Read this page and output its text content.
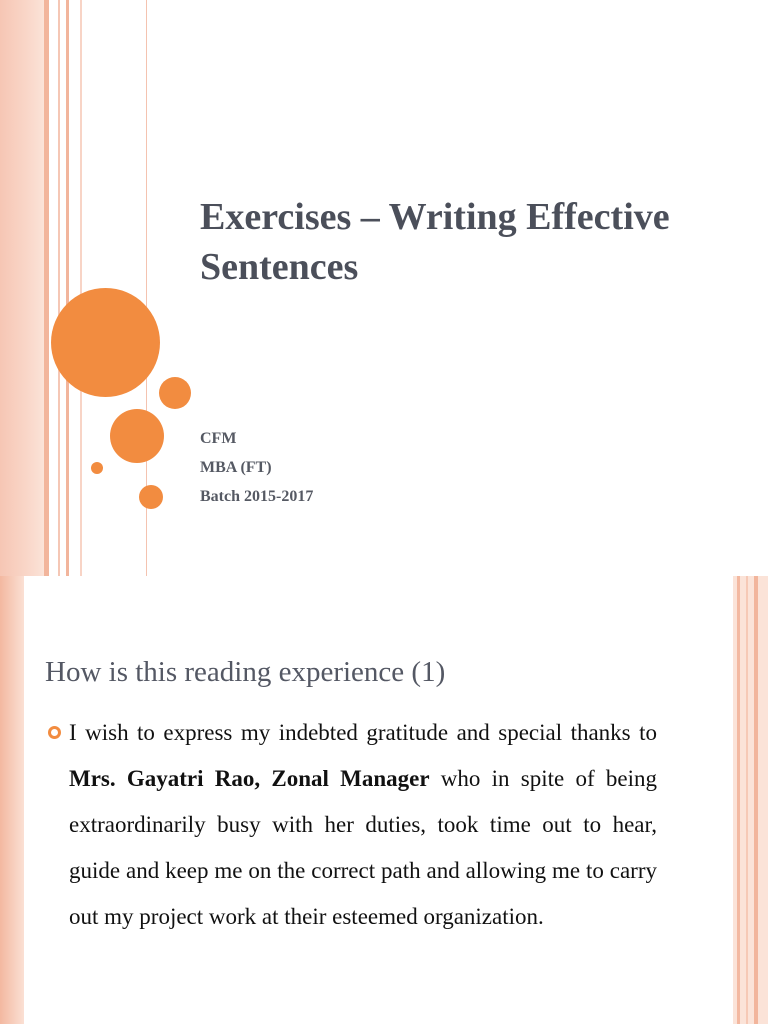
Exercises – Writing Effective Sentences
CFM
MBA (FT)
Batch 2015-2017
How is this reading experience (1)

I wish to express my indebted gratitude and special thanks to Mrs. Gayatri Rao, Zonal Manager who in spite of being extraordinarily busy with her duties, took time out to hear, guide and keep me on the correct path and allowing me to carry out my project work at their esteemed organization.
